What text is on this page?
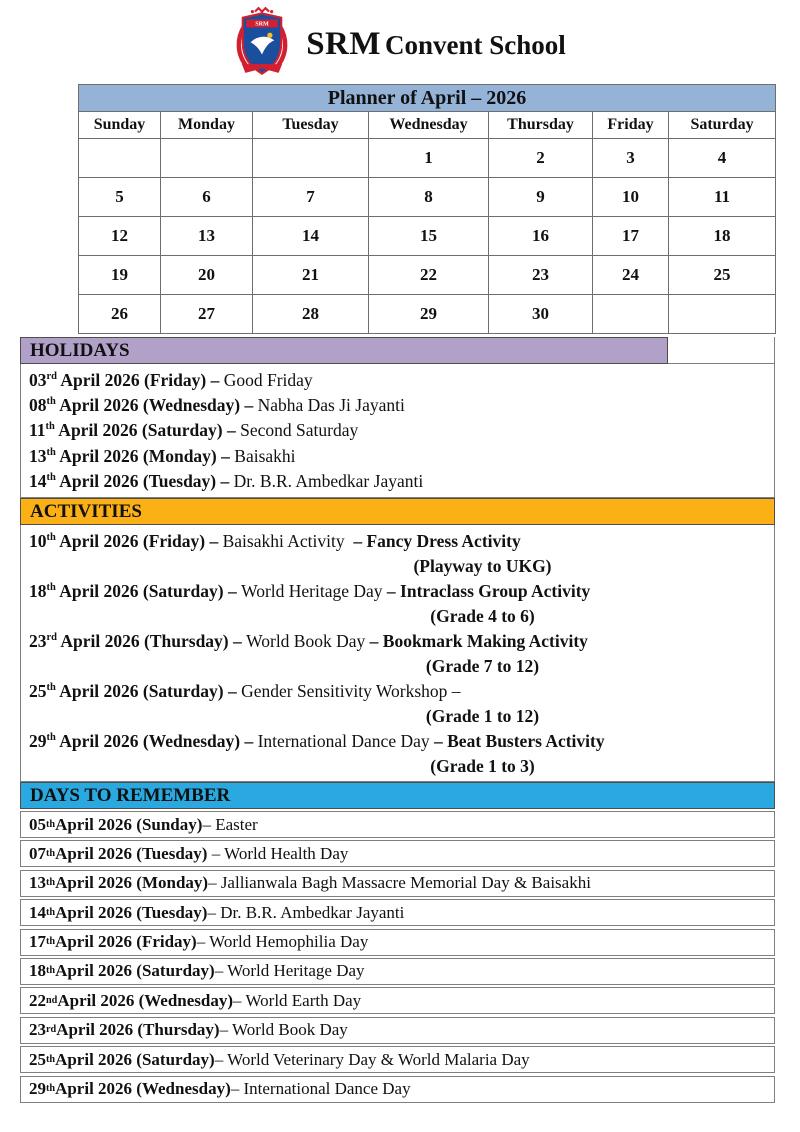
SRM
SRM Convent School
Planner of April – 2026						
Sunday	Monday	Tuesday	Wednesday	Thursday	Friday	Saturday
			1	2	3	4
5	6	7	8	9	10	11
12	13	14	15	16	17	18
19	20	21	22	23	24	25
26	27	28	29	30		
HOLIDAYS
03rd April 2026 (Friday) – Good Friday
08th April 2026 (Wednesday) – Nabha Das Ji Jayanti
11th April 2026 (Saturday) – Second Saturday
13th April 2026 (Monday) – Baisakhi
14th April 2026 (Tuesday) – Dr. B.R. Ambedkar Jayanti
ACTIVITIES
10th April 2026 (Friday) – Baisakhi Activity  – Fancy Dress Activity
(Playway to UKG)
18th April 2026 (Saturday) – World Heritage Day – Intraclass Group Activity
(Grade 4 to 6)
23rd April 2026 (Thursday) – World Book Day – Bookmark Making Activity
(Grade 7 to 12)
25th April 2026 (Saturday) – Gender Sensitivity Workshop –
(Grade 1 to 12)
29th April 2026 (Wednesday) – International Dance Day – Beat Busters Activity
(Grade 1 to 3)
DAYS TO REMEMBER
05 th April 2026 (Sunday) – Easter
07 th April 2026 (Tuesday) – World Health Day
13 th April 2026 (Monday) – Jallianwala Bagh Massacre Memorial Day & Baisakhi
14 th April 2026 (Tuesday) – Dr. B.R. Ambedkar Jayanti
17 th April 2026 (Friday) – World Hemophilia Day
18 th April 2026 (Saturday) – World Heritage Day
22 nd April 2026 (Wednesday) – World Earth Day
23 rd April 2026 (Thursday) – World Book Day
25 th April 2026 (Saturday) – World Veterinary Day & World Malaria Day
29 th April 2026 (Wednesday) – International Dance Day
